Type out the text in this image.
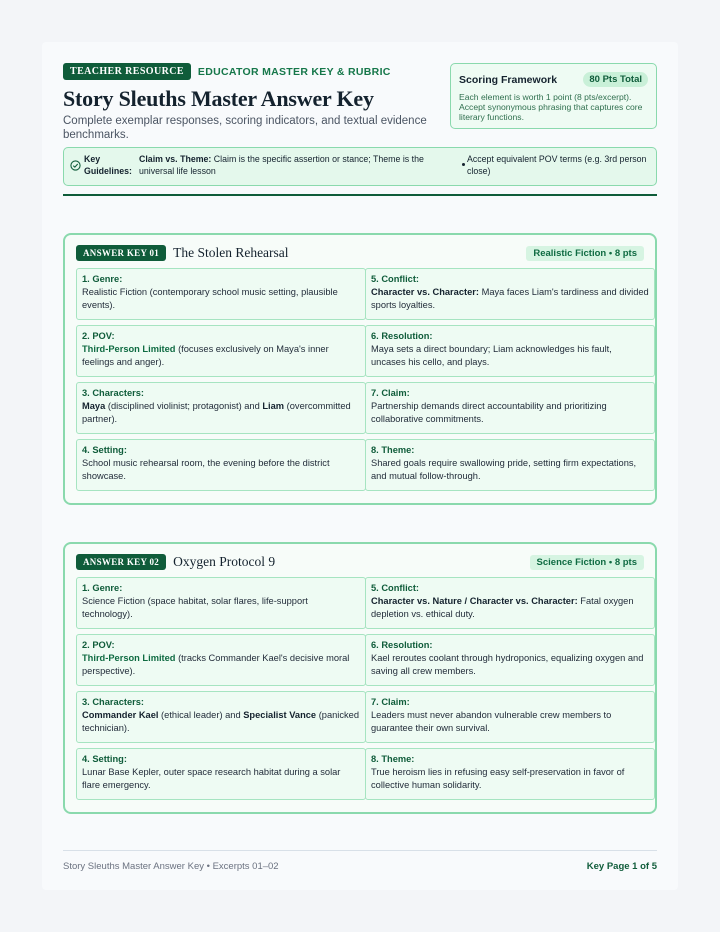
TEACHER RESOURCE	EDUCATOR MASTER KEY & RUBRIC
Story Sleuths Master Answer Key
Complete exemplar responses, scoring indicators, and textual evidence benchmarks.
Scoring Framework	80 Pts Total
Each element is worth 1 point (8 pts/excerpt). Accept synonymous phrasing that captures core literary functions.
Key Guidelines:
Claim vs. Theme: Claim is the specific assertion or stance; Theme is the universal life lesson
Accept equivalent POV terms (e.g. 3rd person close)
ANSWER KEY 01	The Stolen Rehearsal	Realistic Fiction • 8 pts
1. Genre:
Realistic Fiction (contemporary school music setting, plausible events).
2. POV:
Third-Person Limited (focuses exclusively on Maya's inner feelings and anger).
3. Characters:
Maya (disciplined violinist; protagonist) and Liam (overcommitted partner).
4. Setting:
School music rehearsal room, the evening before the district showcase.
5. Conflict:
Character vs. Character: Maya faces Liam's tardiness and divided sports loyalties.
6. Resolution:
Maya sets a direct boundary; Liam acknowledges his fault, uncases his cello, and plays.
7. Claim:
Partnership demands direct accountability and prioritizing collaborative commitments.
8. Theme:
Shared goals require swallowing pride, setting firm expectations, and mutual follow-through.
ANSWER KEY 02	Oxygen Protocol 9	Science Fiction • 8 pts
1. Genre:
Science Fiction (space habitat, solar flares, life-support technology).
2. POV:
Third-Person Limited (tracks Commander Kael's decisive moral perspective).
3. Characters:
Commander Kael (ethical leader) and Specialist Vance (panicked technician).
4. Setting:
Lunar Base Kepler, outer space research habitat during a solar flare emergency.
5. Conflict:
Character vs. Nature / Character vs. Character: Fatal oxygen depletion vs. ethical duty.
6. Resolution:
Kael reroutes coolant through hydroponics, equalizing oxygen and saving all crew members.
7. Claim:
Leaders must never abandon vulnerable crew members to guarantee their own survival.
8. Theme:
True heroism lies in refusing easy self-preservation in favor of collective human solidarity.
Story Sleuths Master Answer Key • Excerpts 01–02	Key Page 1 of 5
